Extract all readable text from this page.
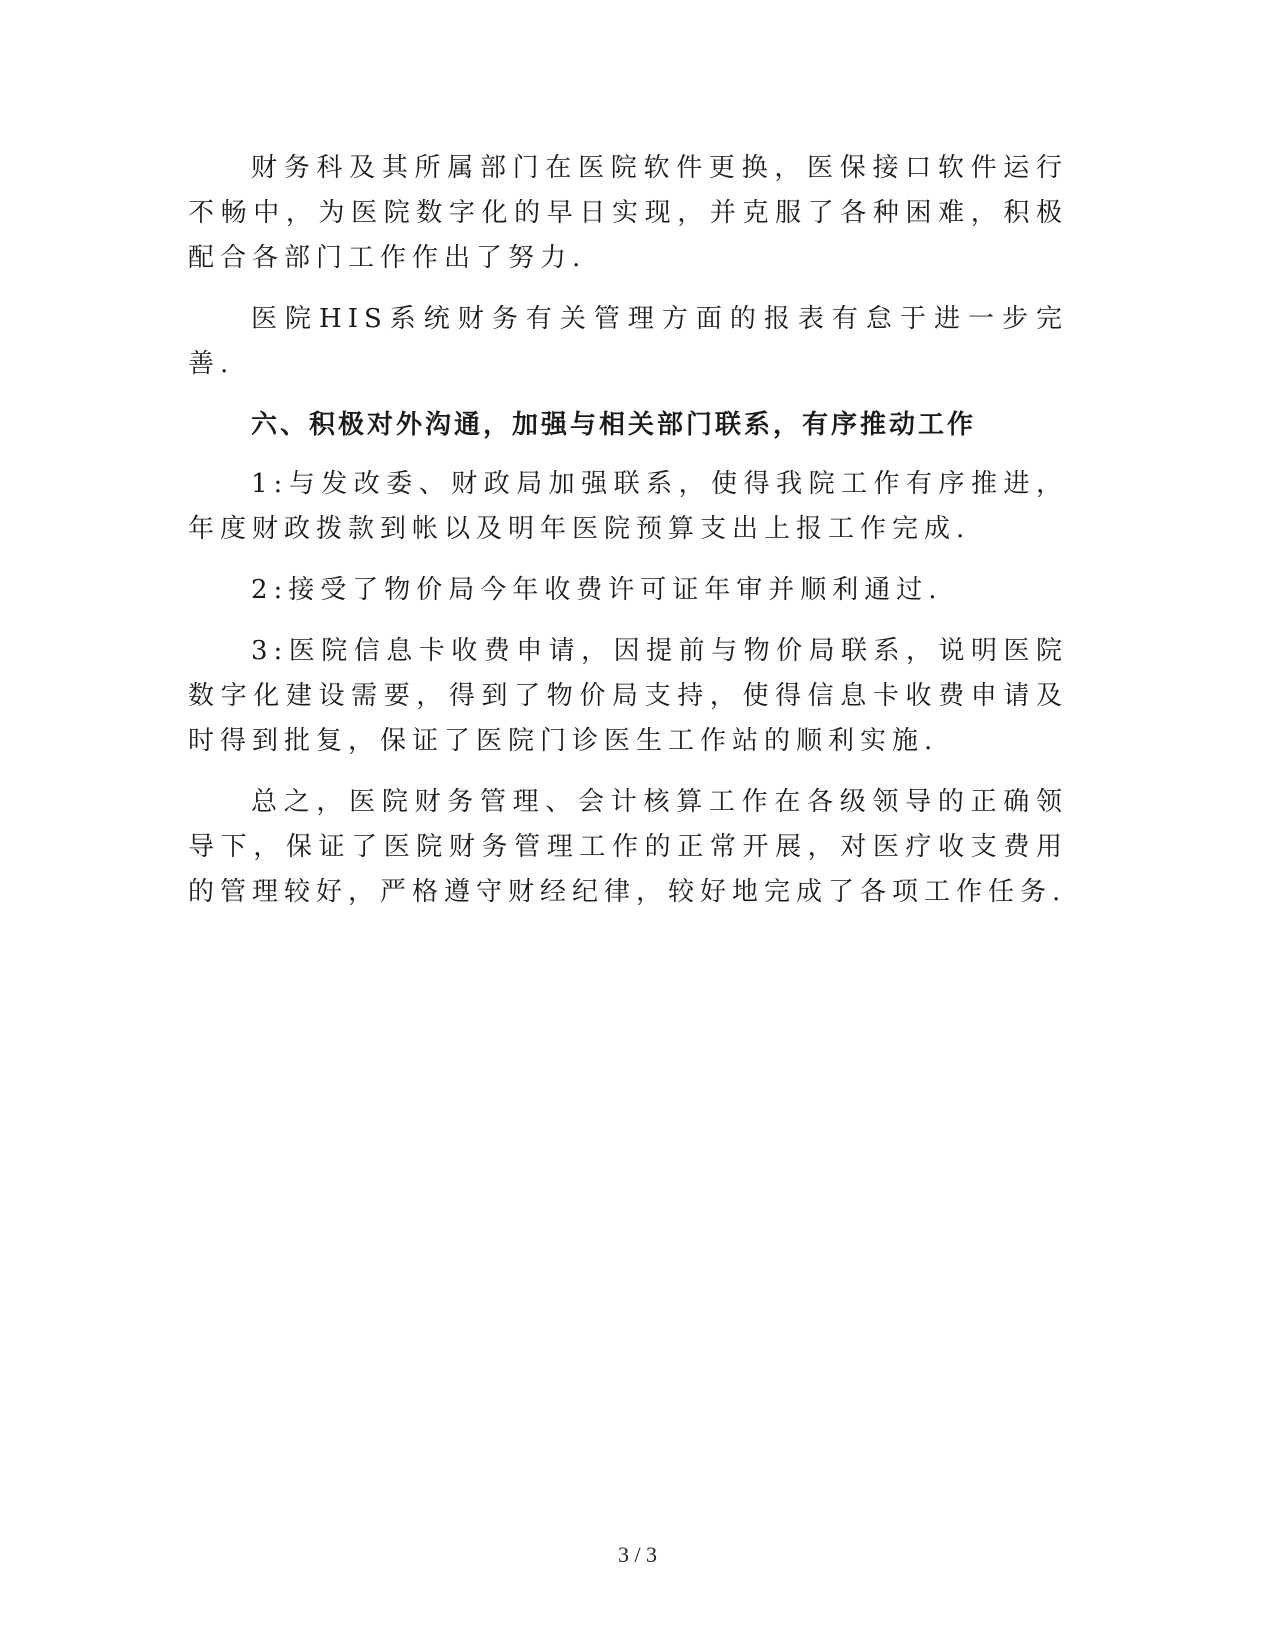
财务科及其所属部门在医院软件更换，医保接口软件运行不畅中，为医院数字化的早日实现，并克服了各种困难，积极配合各部门工作作出了努力.

医院HIS系统财务有关管理方面的报表有怠于进一步完善.

六、积极对外沟通，加强与相关部门联系，有序推动工作

1:与发改委、财政局加强联系，使得我院工作有序推进，年度财政拨款到帐以及明年医院预算支出上报工作完成.

2:接受了物价局今年收费许可证年审并顺利通过.

3:医院信息卡收费申请，因提前与物价局联系，说明医院数字化建设需要，得到了物价局支持，使得信息卡收费申请及时得到批复，保证了医院门诊医生工作站的顺利实施.

总之，医院财务管理、会计核算工作在各级领导的正确领导下，保证了医院财务管理工作的正常开展，对医疗收支费用的管理较好，严格遵守财经纪律，较好地完成了各项工作任务.

3 / 3
